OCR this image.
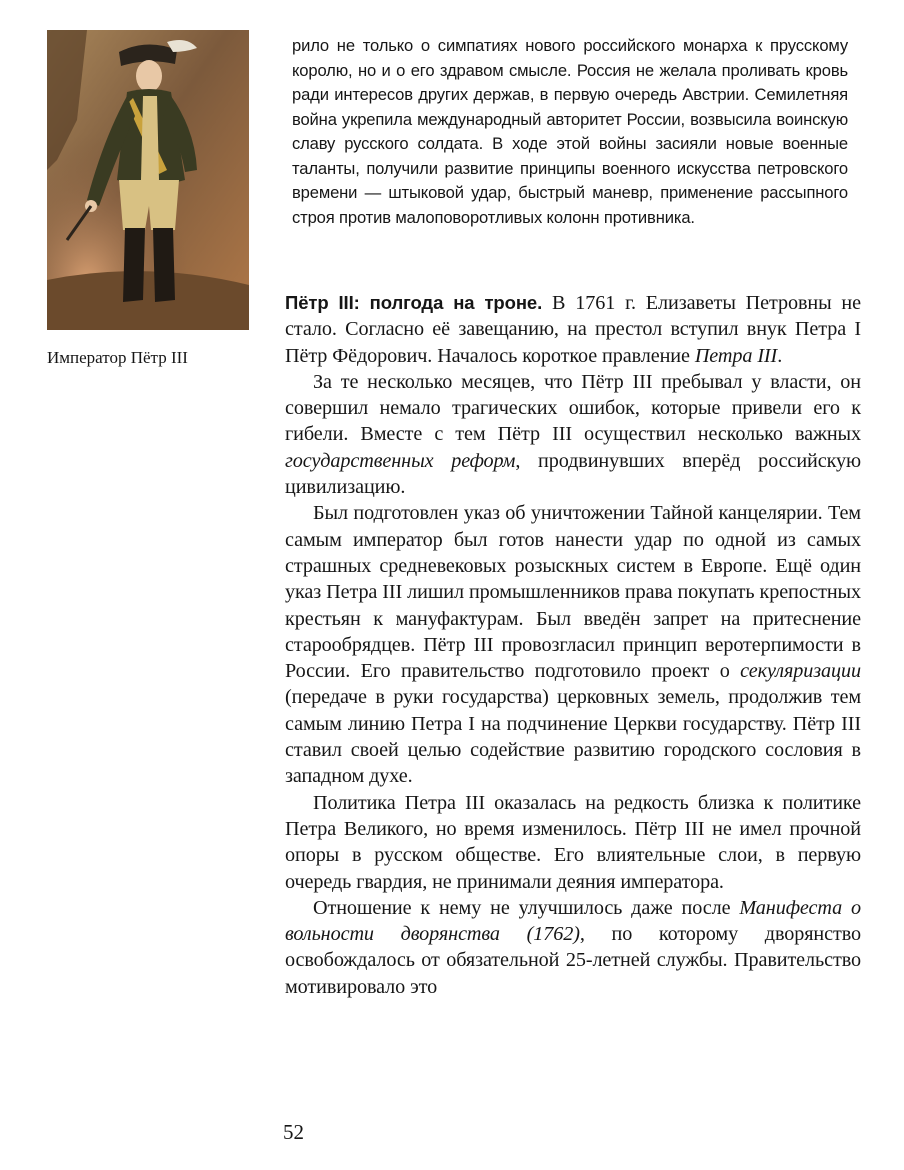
Император Пётр III
рило не только о симпатиях нового российского монарха к прусскому королю, но и о его здравом смысле. Россия не желала проливать кровь ради интересов других держав, в первую очередь Австрии. Семилетняя война укрепила международный авторитет России, возвысила воинскую славу русского солдата. В ходе этой войны засияли новые военные таланты, получили развитие принципы военного искусства петровского времени — штыковой удар, быстрый маневр, применение рассыпного строя против малоповоротливых колонн противника.

Пётр III: полгода на троне. В 1761 г. Елизаветы Петровны не стало. Согласно её завещанию, на престол вступил внук Петра I Пётр Фёдорович. Началось короткое правление Петра III.

За те несколько месяцев, что Пётр III пребывал у власти, он совершил немало трагических ошибок, которые привели его к гибели. Вместе с тем Пётр III осуществил несколько важных государственных реформ, продвинувших вперёд российскую цивилизацию.

Был подготовлен указ об уничтожении Тайной канцелярии. Тем самым император был готов нанести удар по одной из самых страшных средневековых розыскных систем в Европе. Ещё один указ Петра III лишил промышленников права покупать крепостных крестьян к мануфактурам. Был введён запрет на притеснение старообрядцев. Пётр III провозгласил принцип веротерпимости в России. Его правительство подготовило проект о секуляризации (передаче в руки государства) церковных земель, продолжив тем самым линию Петра I на подчинение Церкви государству. Пётр III ставил своей целью содействие развитию городского сословия в западном духе.

Политика Петра III оказалась на редкость близка к политике Петра Великого, но время изменилось. Пётр III не имел прочной опоры в русском обществе. Его влиятельные слои, в первую очередь гвардия, не принимали деяния императора.

Отношение к нему не улучшилось даже после Манифеста о вольности дворянства (1762), по которому дворянство освобождалось от обязательной 25-летней службы. Правительство мотивировало это

52
